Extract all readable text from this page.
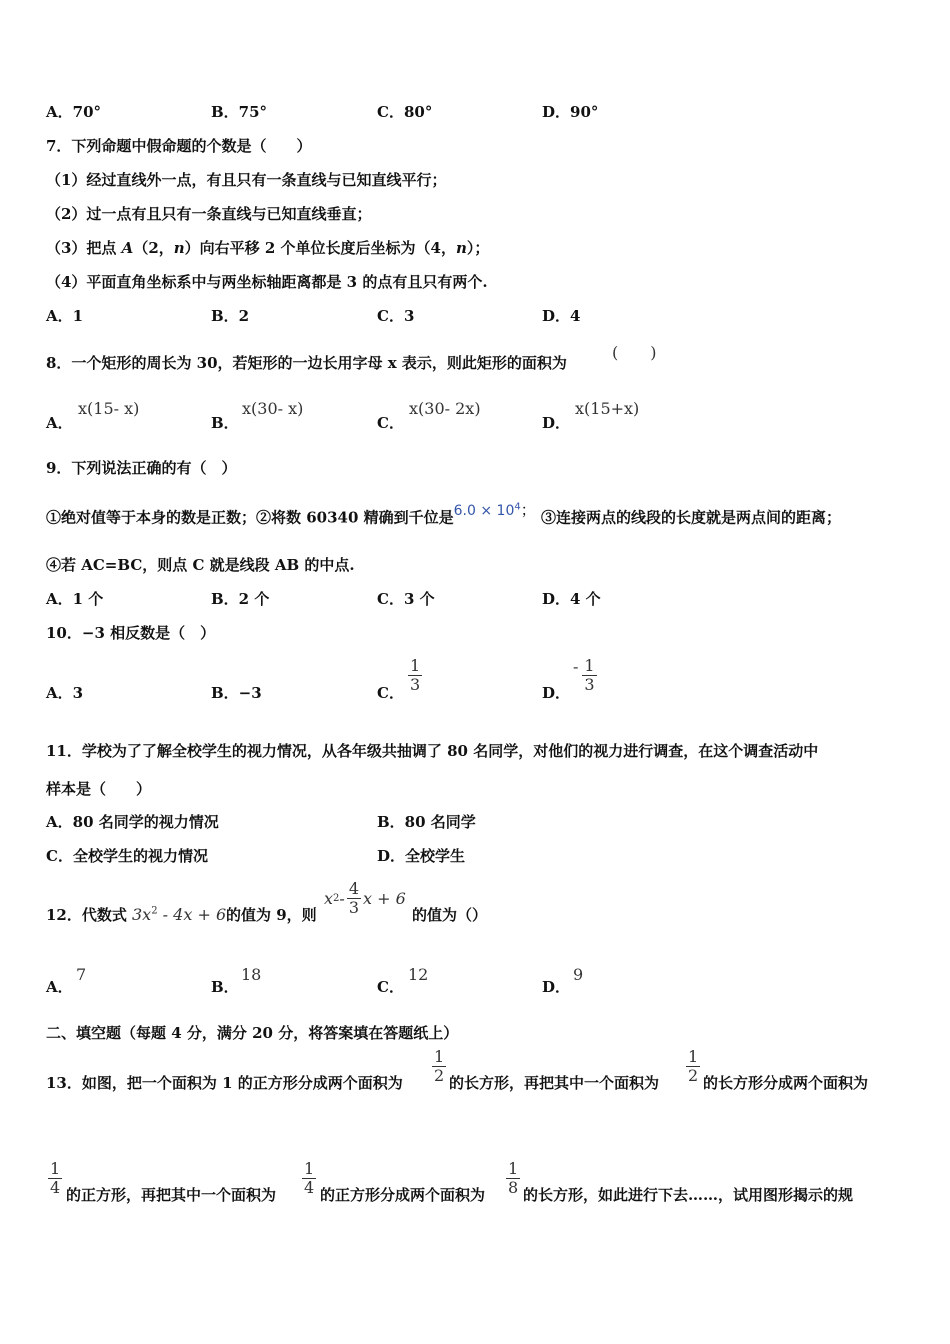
A．70°	B．75°	C．80°	D．90°
7．下列命题中假命题的个数是（　　）
（1）经过直线外一点，有且只有一条直线与已知直线平行；
（2）过一点有且只有一条直线与已知直线垂直；
（3）把点 A（2，n）向右平移 2 个单位长度后坐标为（4，n）；
（4）平面直角坐标系中与两坐标轴距离都是 3 的点有且只有两个.
A．1	B．2	C．3	D．4
8．一个矩形的周长为 30，若矩形的一边长用字母 x 表示，则此矩形的面积为
(　　)
A．
x(15- x)
B．
x(30- x)
C．
x(30- 2x)
D．
x(15+x)
9．下列说法正确的有（　）
①绝对值等于本身的数是正数；②将数 60340 精确到千位是$6.0 \times 10^4$； ③连接两点的线段的长度就是两点间的距离；
④若 AC=BC，则点 C 就是线段 AB 的中点.
A．1 个	B．2 个	C．3 个	D．4 个
10．−3 相反数是（　）
A．3	B．−3	C． $\frac{1}{3}$	D．
- $\frac{1}{3}$
11．学校为了了解全校学生的视力情况，从各年级共抽调了 80 名同学，对他们的视力进行调查，在这个调查活动中
样本是（　　）
A．80 名同学的视力情况	B．80 名同学
C．全校学生的视力情况	D．全校学生
12．代数式 $3x^2 - 4x + 6$ 的值为 9，则
x $2 - \frac{4}{3}$ x + 6
的值为（）
A．
7
B．
18
C．
12
D．
9
二、填空题（每题 4 分，满分 20 分，将答案填在答题纸上）
13．如图，把一个面积为 1 的正方形分成两个面积为 $\frac{1}{2}$ 的长方形，再把其中一个面积为 $\frac{1}{2}$ 的长方形分成两个面积为
$\frac{1}{4}$ 的正方形，再把其中一个面积为 $\frac{1}{4}$ 的正方形分成两个面积为 $\frac{1}{8}$ 的长方形，如此进行下去……，试用图形揭示的规
